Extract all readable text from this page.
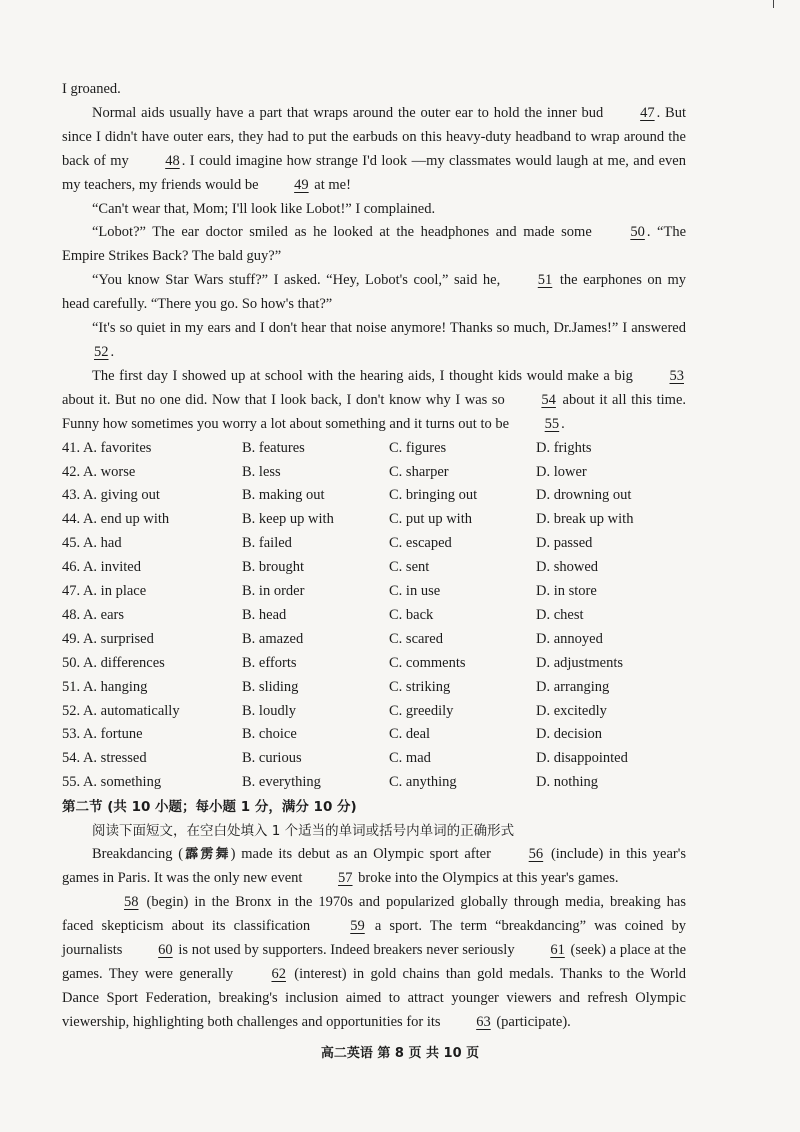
I groaned.

Normal aids usually have a part that wraps around the outer ear to hold the inner bud	47 . But since I didn't have outer ears, they had to put the earbuds on this heavy-duty headband to wrap around the back of my	48 . I could imagine how strange I'd look —my classmates would laugh at me, and even my teachers, my friends would be 49 at me!

“Can't wear that, Mom; I'll look like Lobot!” I complained.

“Lobot?” The ear doctor smiled as he looked at the headphones and made some	50 . “The Empire Strikes Back? The bald guy?”

“You know Star Wars stuff?” I asked. “Hey, Lobot's cool,” said he,	51 the earphones on my head carefully. “There you go. So how's that?”

“It's so quiet in my ears and I don't hear that noise anymore! Thanks so much, Dr.James!” I answered 52 .

The first day I showed up at school with the hearing aids, I thought kids would make a big	53 about it. But no one did. Now that I look back, I don't know why I was so	54 about it all this time. Funny how sometimes you worry a lot about something and it turns out to be 55 .

41. A. favorites	B. features	C. figures	D. frights
42. A. worse	B. less	C. sharper	D. lower
43. A. giving out	B. making out	C. bringing out	D. drowning out
44. A. end up with	B. keep up with	C. put up with	D. break up with
45. A. had	B. failed	C. escaped	D. passed
46. A. invited	B. brought	C. sent	D. showed
47. A. in place	B. in order	C. in use	D. in store
48. A. ears	B. head	C. back	D. chest
49. A. surprised	B. amazed	C. scared	D. annoyed
50. A. differences	B. efforts	C. comments	D. adjustments
51. A. hanging	B. sliding	C. striking	D. arranging
52. A. automatically	B. loudly	C. greedily	D. excitedly
53. A. fortune	B. choice	C. deal	D. decision
54. A. stressed	B. curious	C. mad	D. disappointed
55. A. something	B. everything	C. anything	D. nothing

第二节 (共 10 小题；每小题 1 分，满分 10 分)

阅读下面短文，在空白处填入 1 个适当的单词或括号内单词的正确形式

Breakdancing (霹雳舞) made its debut as an Olympic sport after	56 (include) in this year's games in Paris. It was the only new event 57 broke into the Olympics at this year's games.

58 (begin) in the Bronx in the 1970s and popularized globally through media, breaking has faced skepticism about its classification	59 a sport. The term “breakdancing” was coined by journalists 60 is not used by supporters. Indeed breakers never seriously 61 (seek) a place at the games. They were generally	62 (interest) in gold chains than gold medals. Thanks to the World Dance Sport Federation, breaking's inclusion aimed to attract younger viewers and refresh Olympic viewership, highlighting both challenges and opportunities for its 63 (participate).

高二英语 第 8 页 共 10 页
